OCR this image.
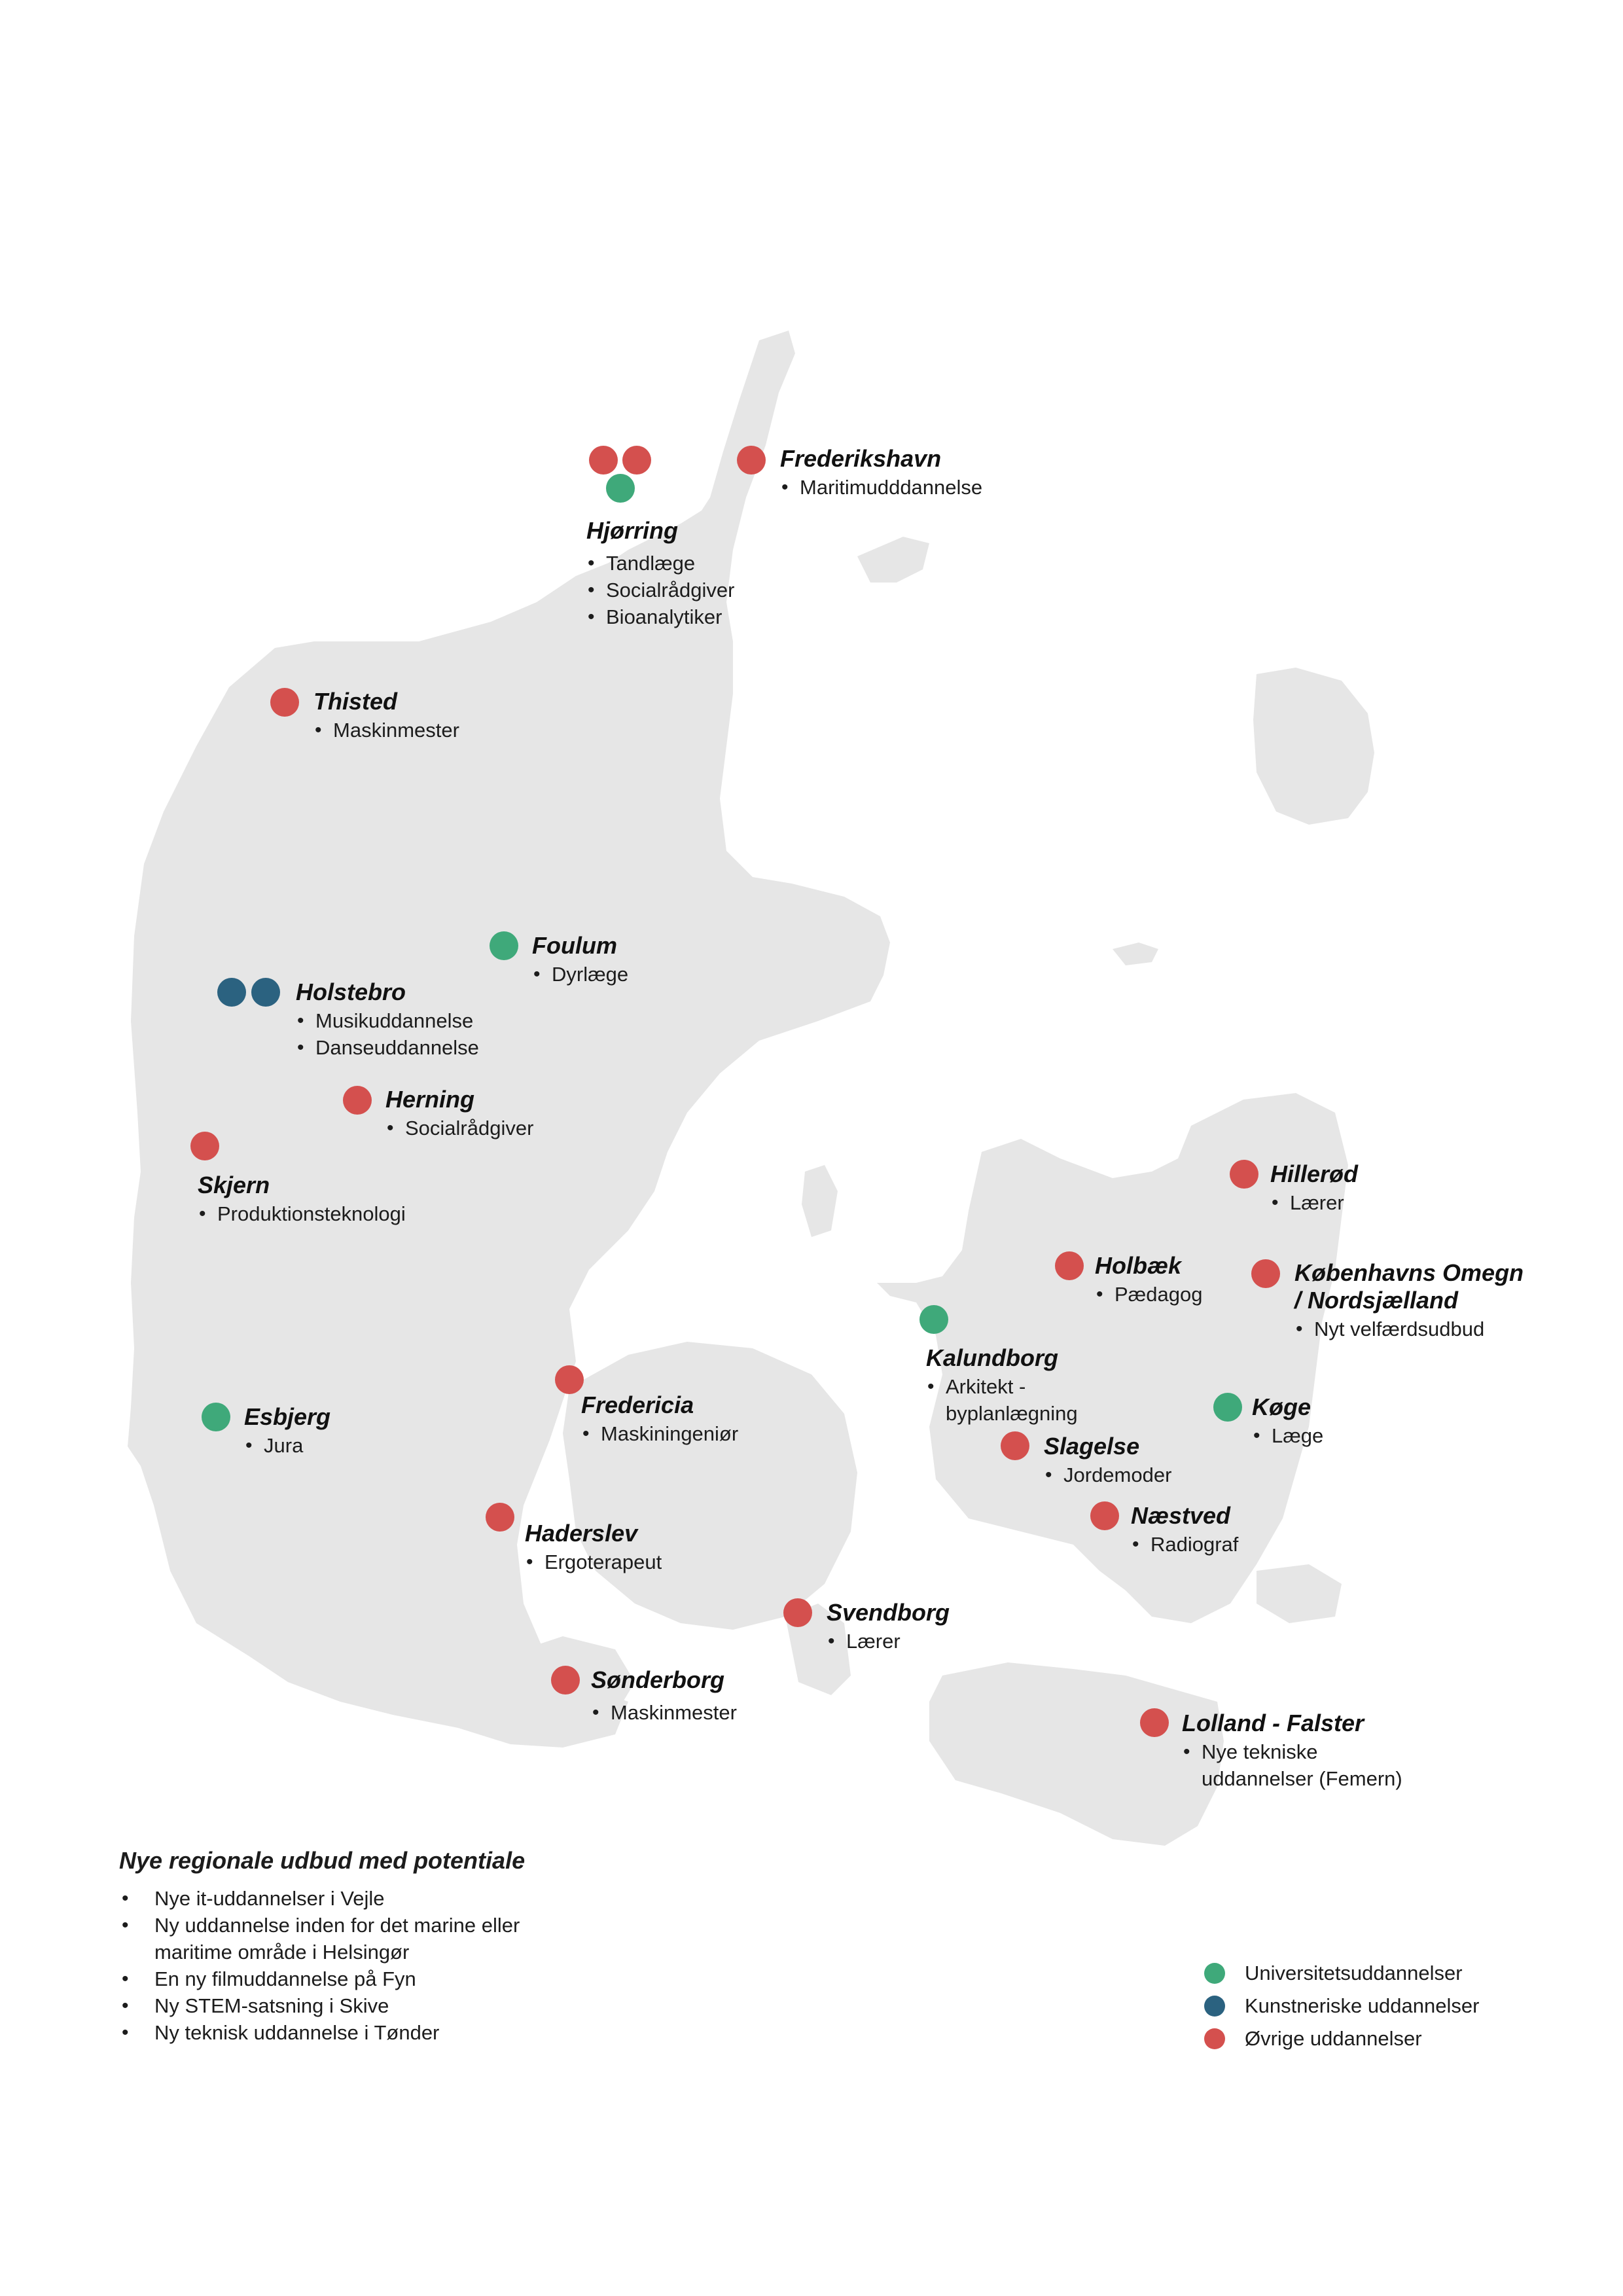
Frederikshavn
• Maritimudddannelse
Hjørring
• Tandlæge
• Socialrådgiver
• Bioanalytiker
Thisted
• Maskinmester
Foulum
• Dyrlæge
Holstebro
• Musikuddannelse
• Danseuddannelse
Herning
• Socialrådgiver
Skjern
• Produktionsteknologi
Esbjerg
• Jura
Fredericia
• Maskiningeniør
Haderslev
• Ergoterapeut
Sønderborg
• Maskinmester
Svendborg
• Lærer
Kalundborg
• Arkitekt - byplanlægning
Holbæk
• Pædagog
Hillerød
• Lærer
Københavns Omegn / Nordsjælland
• Nyt velfærdsudbud
Køge
• Læge
Slagelse
• Jordemoder
Næstved
• Radiograf
Lolland - Falster
• Nye tekniske uddannelser (Femern)
Nye regionale udbud med potentiale
• Nye it-uddannelser i Vejle
• Ny uddannelse inden for det marine eller maritime område i Helsingør
• En ny filmuddannelse på Fyn
• Ny STEM-satsning i Skive
• Ny teknisk uddannelse i Tønder
Universitetsuddannelser
Kunstneriske uddannelser
Øvrige uddannelser
